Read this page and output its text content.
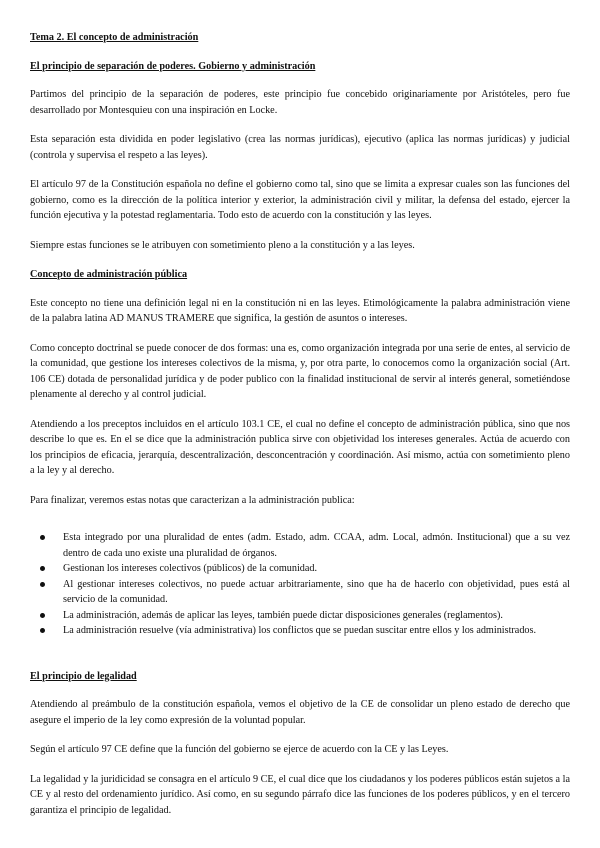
Tema 2. El concepto de administración
El principio de separación de poderes. Gobierno y administración

Partimos del principio de la separación de poderes, este principio fue concebido originariamente por Aristóteles, pero fue desarrollado por Montesquieu con una inspiración en Locke.

Esta separación esta dividida en poder legislativo (crea las normas jurídicas), ejecutivo (aplica las normas jurídicas) y judicial (controla y supervisa el respeto a las leyes).

El artículo 97 de la Constitución española no define el gobierno como tal, sino que se limita a expresar cuales son las funciones del gobierno, como es la dirección de la política interior y exterior, la administración civil y militar, la defensa del estado, ejercer la función ejecutiva y la potestad reglamentaria. Todo esto de acuerdo con la constitución y las leyes.

Siempre estas funciones se le atribuyen con sometimiento pleno a la constitución y a las leyes.

Concepto de administración pública

Este concepto no tiene una definición legal ni en la constitución ni en las leyes. Etimológicamente la palabra administración viene de la palabra latina AD MANUS TRAMERE que significa, la gestión de asuntos o intereses.

Como concepto doctrinal se puede conocer de dos formas: una es, como organización integrada por una serie de entes, al servicio de la comunidad, que gestione los intereses colectivos de la misma, y, por otra parte, lo conocemos como la organización social (Art. 106 CE) dotada de personalidad jurídica y de poder publico con la finalidad institucional de servir al interés general, sometiéndose plenamente al derecho y al control judicial.

Atendiendo a los preceptos incluidos en el artículo 103.1 CE, el cual no define el concepto de administración pública, sino que nos describe lo que es. En el se dice que la administración publica sirve con objetividad los intereses generales. Actúa de acuerdo con los principios de eficacia, jerarquía, descentralización, desconcentración y coordinación. Así mismo, actúa con sometimiento pleno a la ley y al derecho.

Para finalizar, veremos estas notas que caracterizan a la administración publica:

Esta integrado por una pluralidad de entes (adm. Estado, adm. CCAA, adm. Local, admón. Institucional) que a su vez dentro de cada uno existe una pluralidad de órganos.
Gestionan los intereses colectivos (públicos) de la comunidad.
Al gestionar intereses colectivos, no puede actuar arbitrariamente, sino que ha de hacerlo con objetividad, pues está al servicio de la comunidad.
La administración, además de aplicar las leyes, también puede dictar disposiciones generales (reglamentos).
La administración resuelve (vía administrativa) los conflictos que se puedan suscitar entre ellos y los administrados.
El principio de legalidad

Atendiendo al preámbulo de la constitución española, vemos el objetivo de la CE de consolidar un pleno estado de derecho que asegure el imperio de la ley como expresión de la voluntad popular.

Según el artículo 97 CE define que la función del gobierno se ejerce de acuerdo con la CE y las Leyes.

La legalidad y la juridicidad se consagra en el artículo 9 CE, el cual dice que los ciudadanos y los poderes públicos están sujetos a la CE y al resto del ordenamiento jurídico. Así como, en su segundo párrafo dice las funciones de los poderes públicos, y en el tercero garantiza el principio de legalidad.
